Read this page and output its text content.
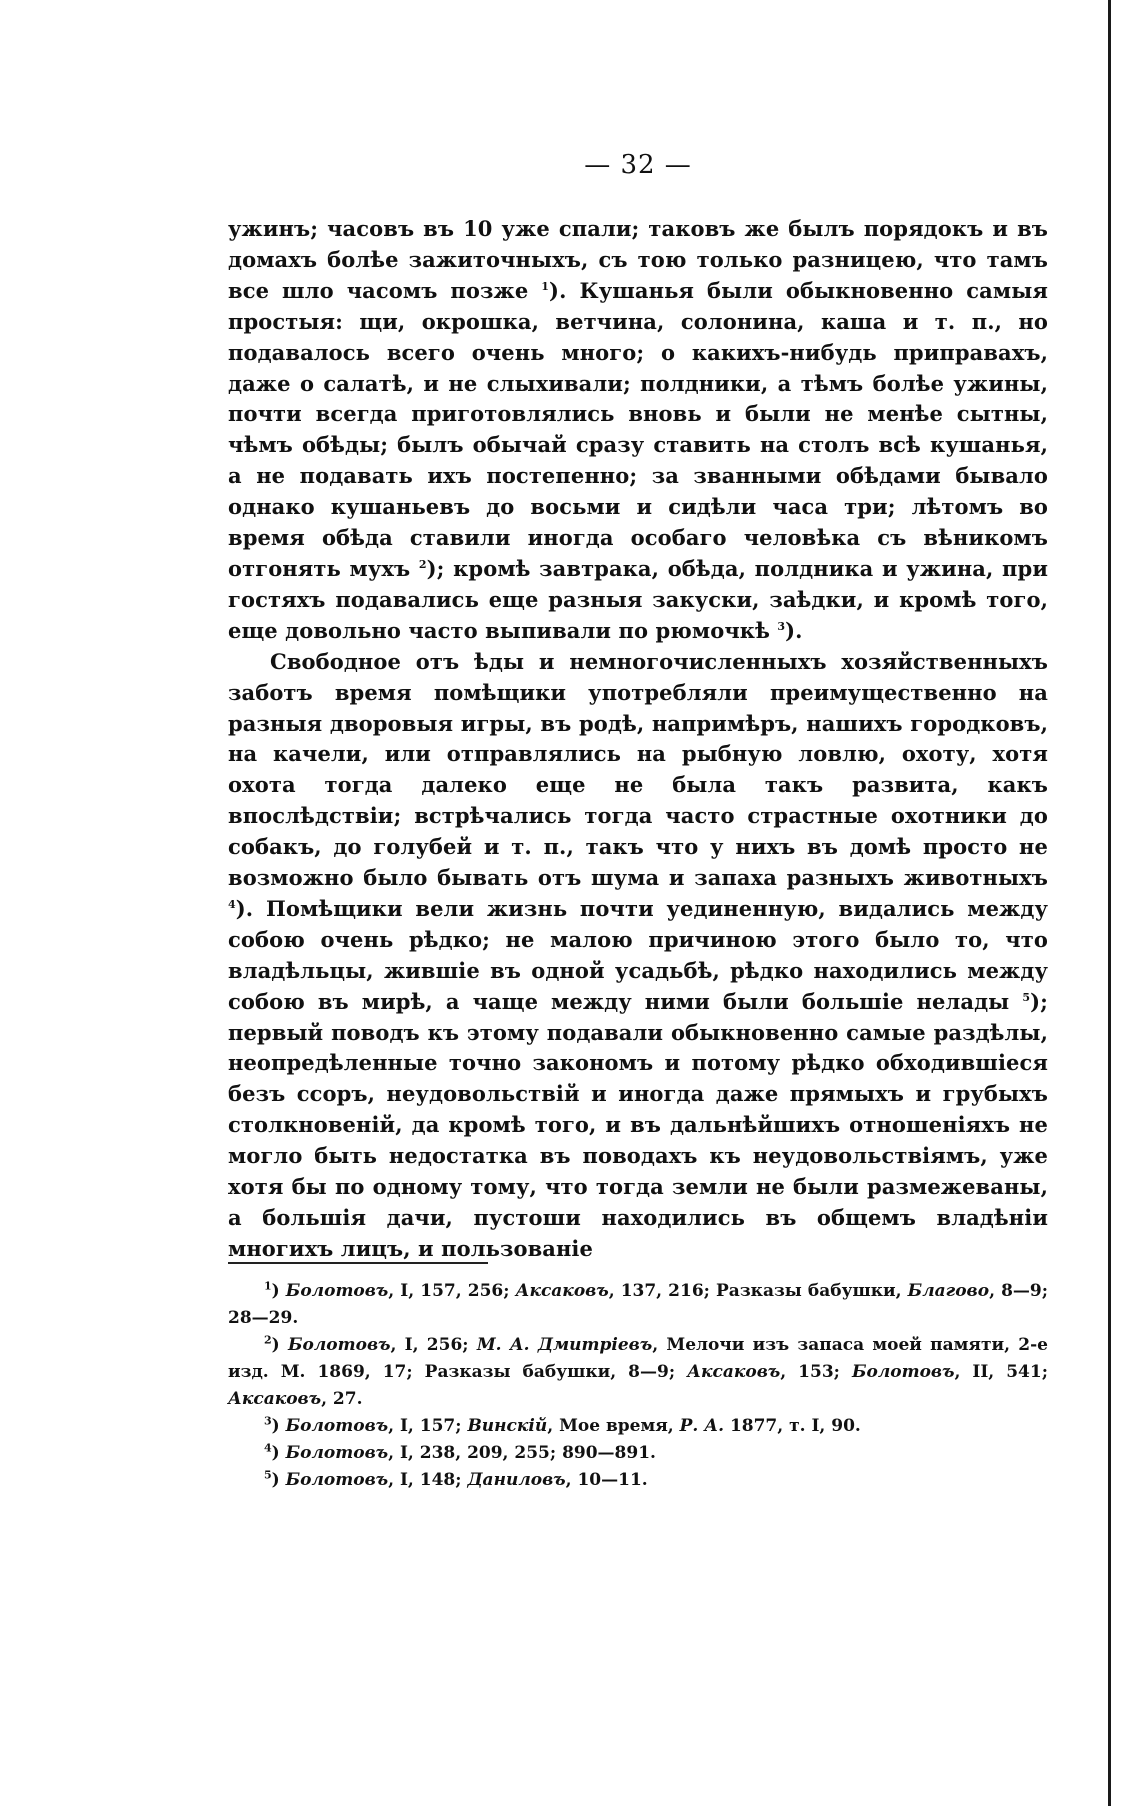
— 32 —

ужинъ; часовъ въ 10 уже спали; таковъ же былъ порядокъ и въ домахъ болѣе зажиточныхъ, съ тою только разницею, что тамъ все шло часомъ позже $^1$). Кушанья были обыкновенно самыя простыя: щи, окрошка, ветчина, солонина, каша и т. п., но подавалось всего очень много; о какихъ-нибудь приправахъ, даже о салатѣ, и не слыхивали; полдники, а тѣмъ болѣе ужины, почти всегда приготовлялись вновь и были не менѣе сытны, чѣмъ обѣды; былъ обычай сразу ставить на столъ всѣ кушанья, а не подавать ихъ постепенно; за званными обѣдами бывало однако кушаньевъ до восьми и сидѣли часа три; лѣтомъ во время обѣда ставили иногда особаго человѣка съ вѣникомъ отгонять мухъ $^2$); кромѣ завтрака, обѣда, полдника и ужина, при гостяхъ подавались еще разныя закуски, заѣдки, и кромѣ того, еще довольно часто выпивали по рюмочкѣ $^3$).

Свободное отъ ѣды и немногочисленныхъ хозяйственныхъ заботъ время помѣщики употребляли преимущественно на разныя дворовыя игры, въ родѣ, напримѣръ, нашихъ городковъ, на качели, или отправлялись на рыбную ловлю, охоту, хотя охота тогда далеко еще не была такъ развита, какъ впослѣдствіи; встрѣчались тогда часто страстные охотники до собакъ, до голубей и т. п., такъ что у нихъ въ домѣ просто не возможно было бывать отъ шума и запаха разныхъ животныхъ $^4$). Помѣщики вели жизнь почти уединенную, видались между собою очень рѣдко; не малою причиною этого было то, что владѣльцы, жившіе въ одной усадьбѣ, рѣдко находились между собою въ мирѣ, а чаще между ними были большіе нелады $^5$); первый поводъ къ этому подавали обыкновенно самые раздѣлы, неопредѣленные точно закономъ и потому рѣдко обходившіеся безъ ссоръ, неудовольствій и иногда даже прямыхъ и грубыхъ столкновеній, да кромѣ того, и въ дальнѣйшихъ отношеніяхъ не могло быть недостатка въ поводахъ къ неудовольствіямъ, уже хотя бы по одному тому, что тогда земли не были размежеваны, а большія дачи, пустоши находились въ общемъ владѣніи многихъ лицъ, и пользованіе

$^1$) Болотовъ, I, 157, 256; Аксаковъ, 137, 216; Разказы бабушки, Благово, 8—9; 28—29.

$^2$) Болотовъ, I, 256; М. А. Дмитріевъ, Мелочи изъ запаса моей памяти, 2-е изд. М. 1869, 17; Разказы бабушки, 8—9; Аксаковъ, 153; Болотовъ, II, 541; Аксаковъ, 27.

$^3$) Болотовъ, I, 157; Винскій, Мое время, Р. А. 1877, т. I, 90.

$^4$) Болотовъ, I, 238, 209, 255; 890—891.

$^5$) Болотовъ, I, 148; Даниловъ, 10—11.
